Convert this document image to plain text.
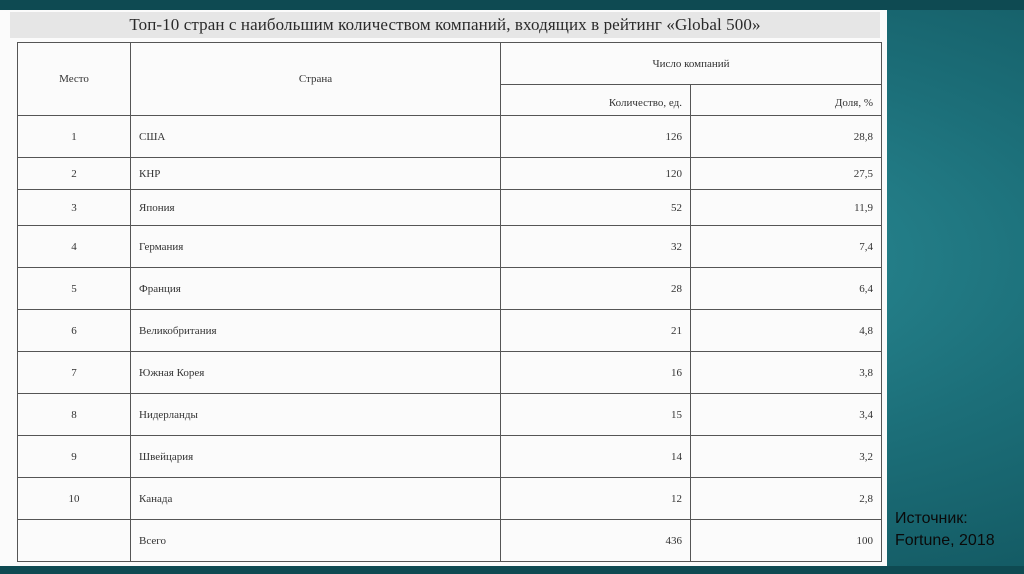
Топ-10 стран с наибольшим количеством компаний, входящих в рейтинг «Global 500»
Место	Страна	Число компаний	
		Количество, ед.	Доля, %
1	США	126	28,8
2	КНР	120	27,5
3	Япония	52	11,9
4	Германия	32	7,4
5	Франция	28	6,4
6	Великобритания	21	4,8
7	Южная Корея	16	3,8
8	Нидерланды	15	3,4
9	Швейцария	14	3,2
10	Канада	12	2,8
	Всего	436	100
Источник:
Fortune, 2018
